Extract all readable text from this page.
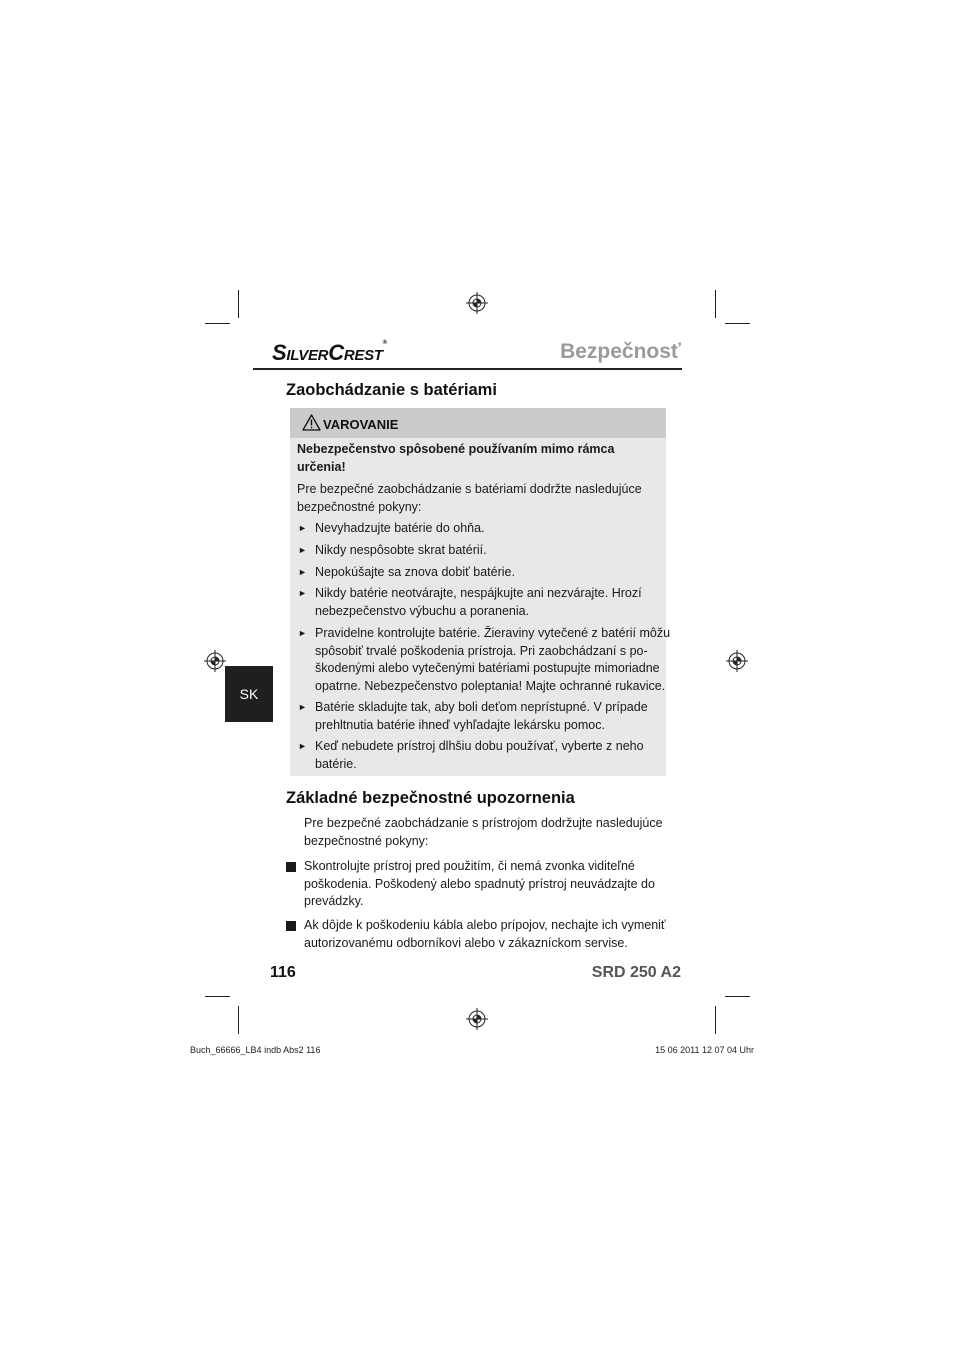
SILVERCREST®	Bezpečnosť
Zaobchádzanie s batériami
VAROVANIE
Nebezpečenstvo spôsobené používaním mimo rámca
určenia!
Pre bezpečné zaobchádzanie s batériami dodržte nasledujúce
bezpečnostné pokyny:
► Nevyhadzujte batérie do ohňa.
► Nikdy nespôsobte skrat batérií.
► Nepokúšajte sa znova dobiť batérie.
► Nikdy batérie neotvárajte, nespájkujte ani nezvárajte. Hrozí
nebezpečenstvo výbuchu a poranenia.
► Pravidelne kontrolujte batérie. Žieraviny vytečené z batérií môžu
spôsobiť trvalé poškodenia prístroja. Pri zaobchádzaní s po-
škodenými alebo vytečenými batériami postupujte mimoriadne
opatrne. Nebezpečenstvo poleptania! Majte ochranné rukavice.
► Batérie skladujte tak, aby boli deťom neprístupné. V prípade
prehltnutia batérie ihneď vyhľadajte lekársku pomoc.
► Keď nebudete prístroj dlhšiu dobu používať, vyberte z neho
batérie.
Základné bezpečnostné upozornenia
Pre bezpečné zaobchádzanie s prístrojom dodržujte nasledujúce
bezpečnostné pokyny:
Skontrolujte prístroj pred použitím, či nemá zvonka viditeľné
poškodenia. Poškodený alebo spadnutý prístroj neuvádzajte do
prevádzky.
Ak dôjde k poškodeniu kábla alebo prípojov, nechajte ich vymeniť
autorizovanému odborníkovi alebo v zákazníckom servise.
SK
116	SRD 250 A2
Buch_66666_LB4 indb Abs2 116	15 06 2011 12 07 04 Uhr
